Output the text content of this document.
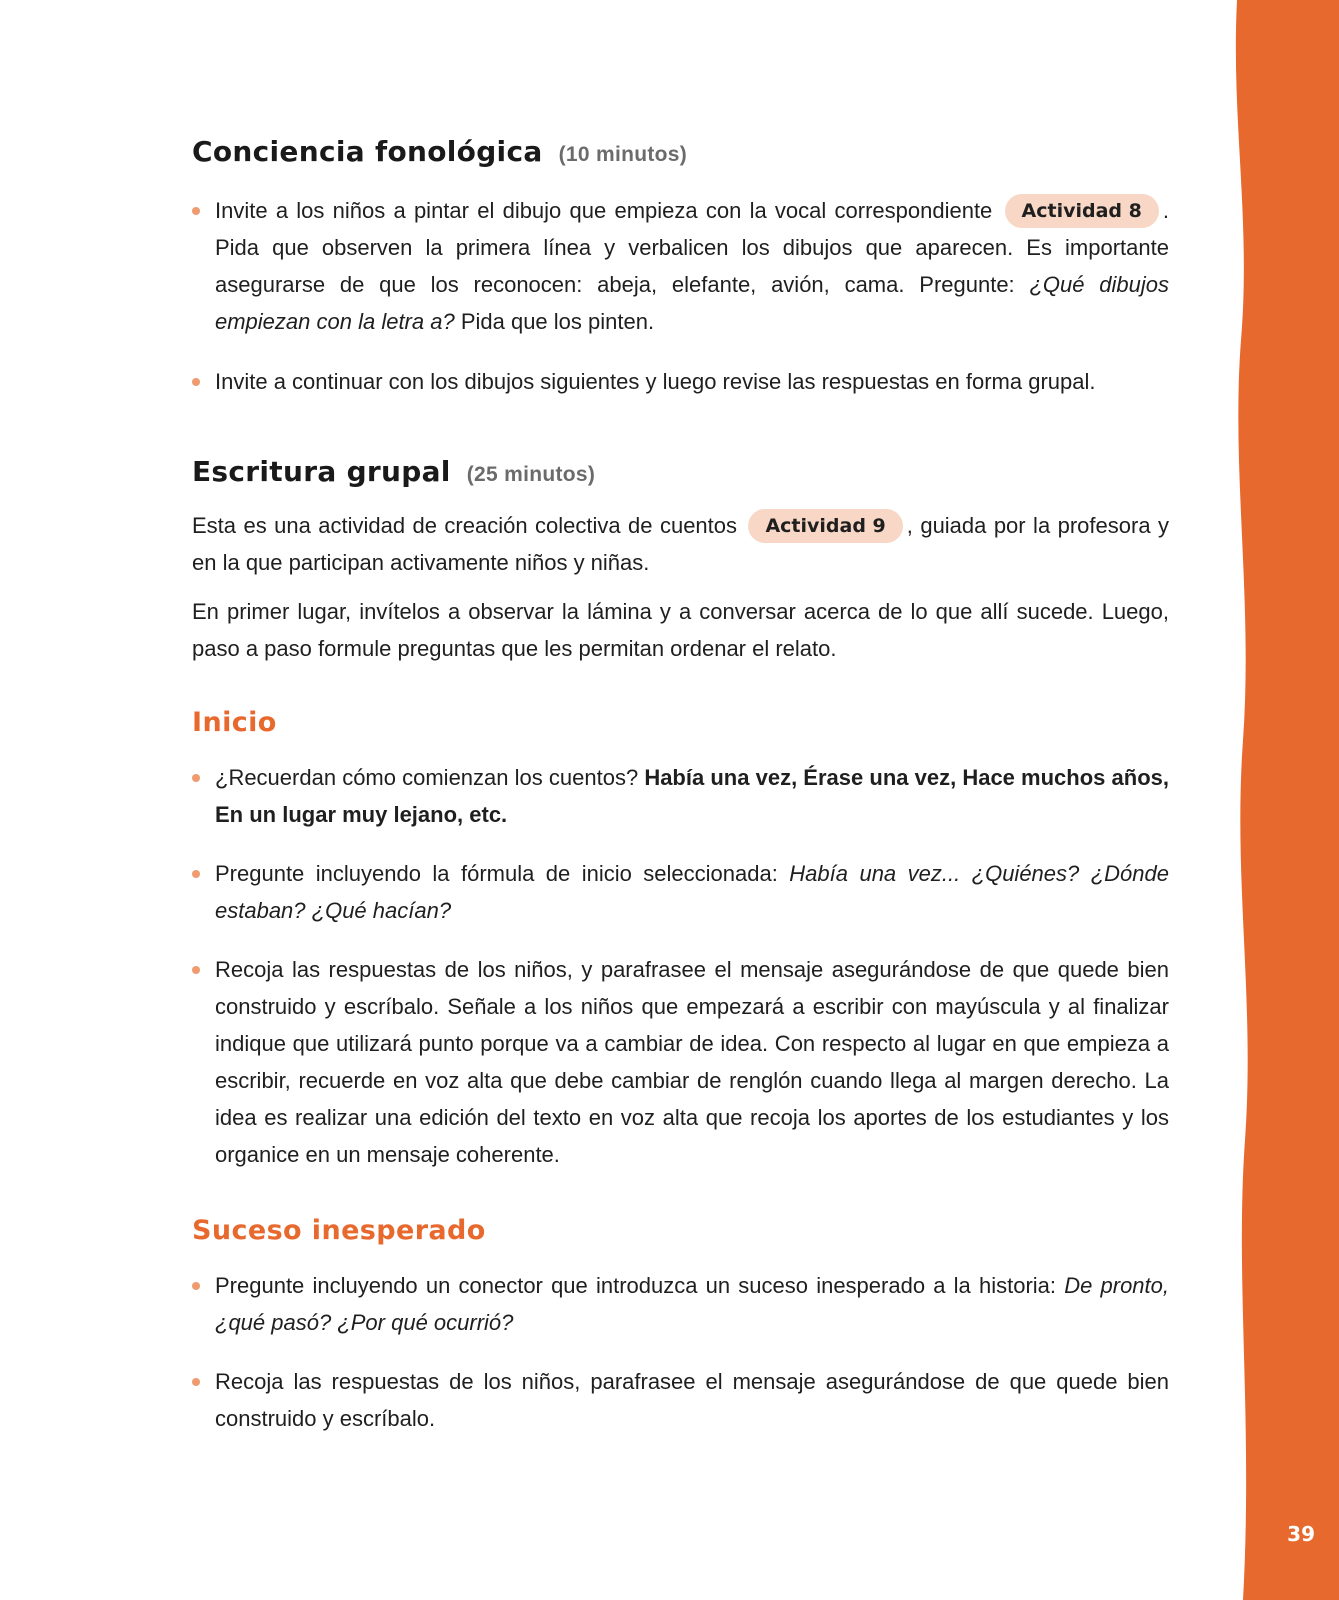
39
Conciencia fonológica (10 minutos)
Invite a los niños a pintar el dibujo que empieza con la vocal correspondiente Actividad 8 . Pida que observen la primera línea y verbalicen los dibujos que aparecen. Es importante asegurarse de que los reconocen: abeja, elefante, avión, cama. Pregunte: ¿Qué dibujos empiezan con la letra a? Pida que los pinten.
Invite a continuar con los dibujos siguientes y luego revise las respuestas en forma grupal.
Escritura grupal (25 minutos)

Esta es una actividad de creación colectiva de cuentos Actividad 9 , guiada por la profesora y en la que participan activamente niños y niñas.

En primer lugar, invítelos a observar la lámina y a conversar acerca de lo que allí sucede. Luego, paso a paso formule preguntas que les permitan ordenar el relato.

Inicio
¿Recuerdan cómo comienzan los cuentos? Había una vez, Érase una vez, Hace muchos años, En un lugar muy lejano, etc.
Pregunte incluyendo la fórmula de inicio seleccionada: Había una vez... ¿Quiénes? ¿Dónde estaban? ¿Qué hacían?
Recoja las respuestas de los niños, y parafrasee el mensaje asegurándose de que quede bien construido y escríbalo. Señale a los niños que empezará a escribir con mayúscula y al finalizar indique que utilizará punto porque va a cambiar de idea. Con respecto al lugar en que empieza a escribir, recuerde en voz alta que debe cambiar de renglón cuando llega al margen derecho. La idea es realizar una edición del texto en voz alta que recoja los aportes de los estudiantes y los organice en un mensaje coherente.
Suceso inesperado
Pregunte incluyendo un conector que introduzca un suceso inesperado a la historia: De pronto, ¿qué pasó? ¿Por qué ocurrió?
Recoja las respuestas de los niños, parafrasee el mensaje asegurándose de que quede bien construido y escríbalo.
